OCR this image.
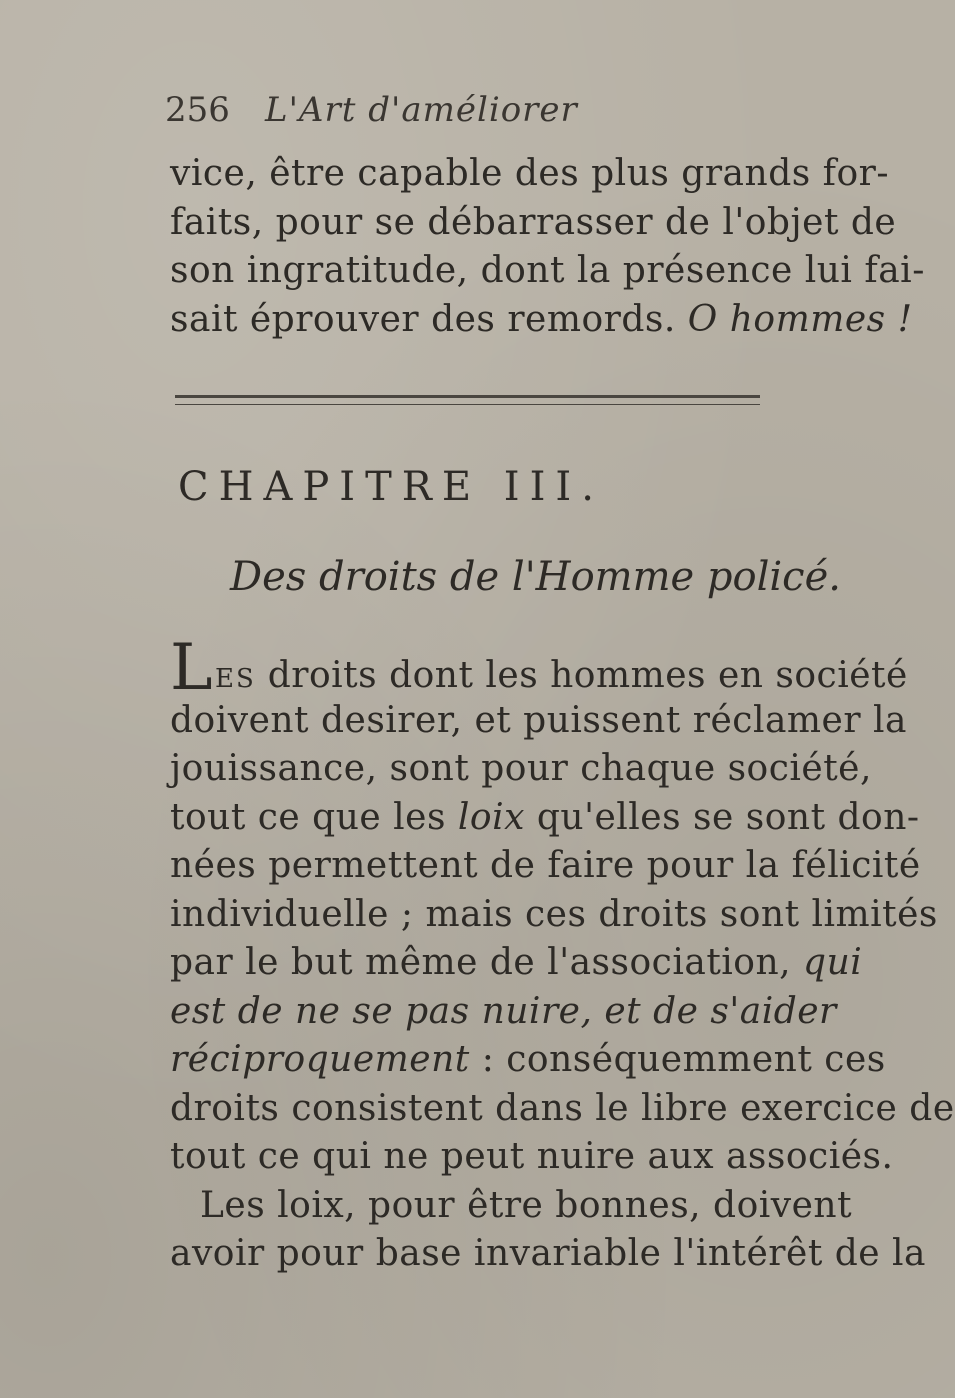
256 L'Art d'améliorer
vice, être capable des plus grands for-
faits, pour se débarrasser de l'objet de
son ingratitude, dont la présence lui fai-
sait éprouver des remords. O hommes !
CHAPITRE III.
Des droits de l'Homme policé.
LES droits dont les hommes en société
doivent desirer, et puissent réclamer la
jouissance, sont pour chaque société,
tout ce que les loix qu'elles se sont don-
nées permettent de faire pour la félicité
individuelle ; mais ces droits sont limités
par le but même de l'association, qui
est de ne se pas nuire, et de s'aider
réciproquement : conséquemment ces
droits consistent dans le libre exercice de
tout ce qui ne peut nuire aux associés.
Les loix, pour être bonnes, doivent
avoir pour base invariable l'intérêt de la
